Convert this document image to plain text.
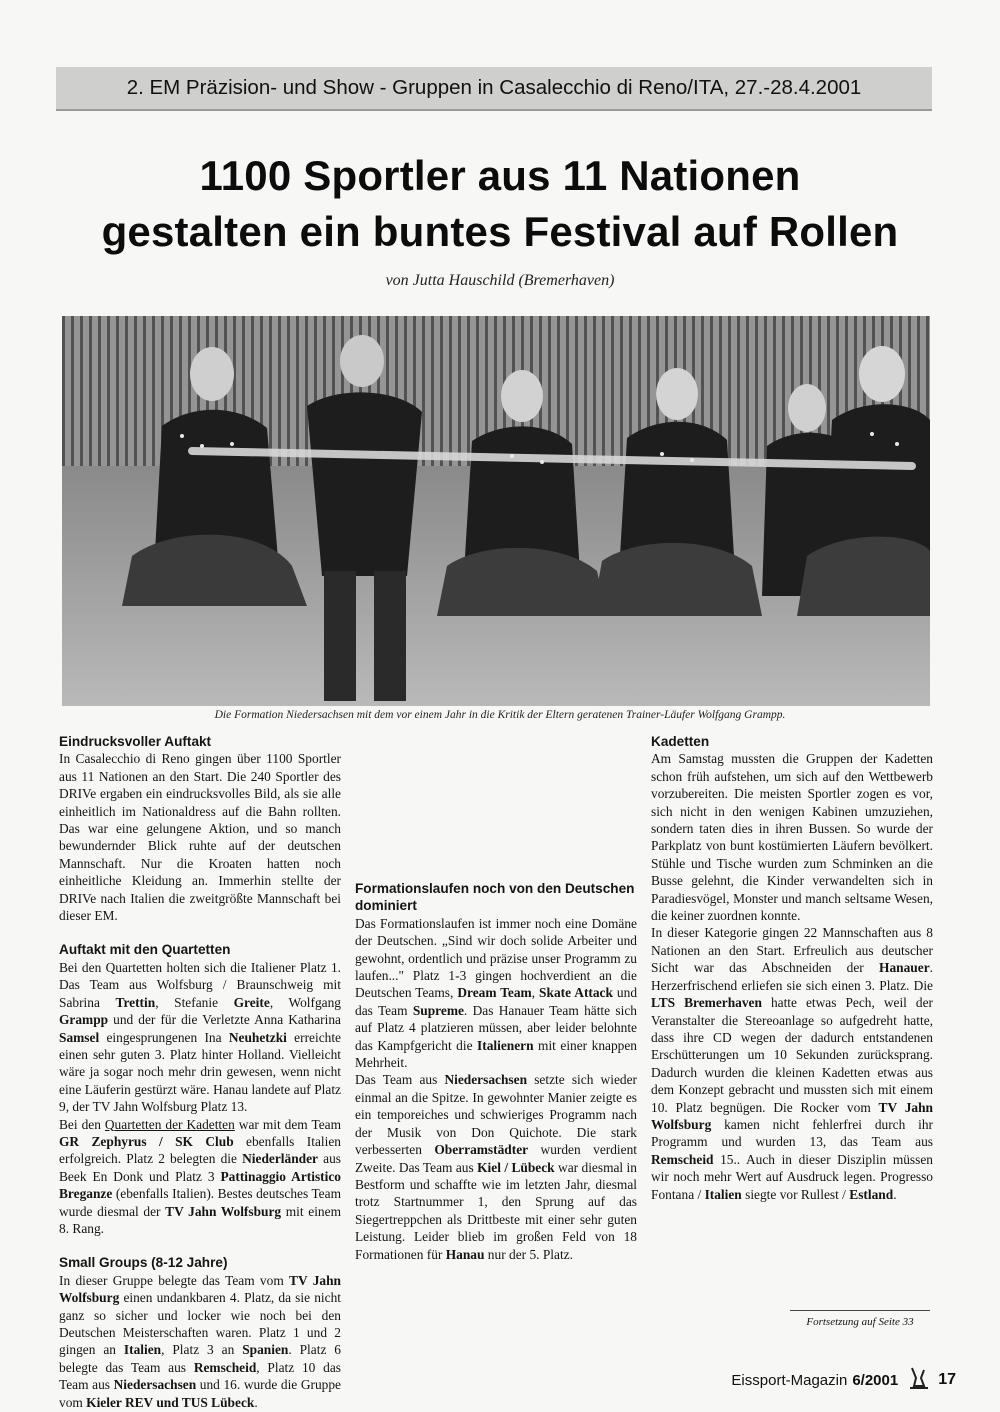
2. EM Präzision- und Show - Gruppen in Casalecchio di Reno/ITA, 27.-28.4.2001
1100 Sportler aus 11 Nationen
gestalten ein buntes Festival auf Rollen
von Jutta Hauschild (Bremerhaven)
Die Formation Niedersachsen mit dem vor einem Jahr in die Kritik der Eltern geratenen Trainer-Läufer Wolfgang Grampp.
Eindrucksvoller Auftakt

In Casalecchio di Reno gingen über 1100 Sportler aus 11 Nationen an den Start. Die 240 Sportler des DRIVe ergaben ein eindrucksvolles Bild, als sie alle einheitlich im Nationaldress auf die Bahn rollten. Das war eine gelungene Aktion, und so manch bewundernder Blick ruhte auf der deutschen Mannschaft. Nur die Kroaten hatten noch einheitliche Kleidung an. Immerhin stellte der DRIVe nach Italien die zweitgrößte Mannschaft bei dieser EM.

Auftakt mit den Quartetten

Bei den Quartetten holten sich die Italiener Platz 1. Das Team aus Wolfsburg / Braunschweig mit Sabrina Trettin, Stefanie Greite, Wolfgang Grampp und der für die Verletzte Anna Katharina Samsel eingesprungenen Ina Neuhetzki erreichte einen sehr guten 3. Platz hinter Holland. Vielleicht wäre ja sogar noch mehr drin gewesen, wenn nicht eine Läuferin gestürzt wäre. Hanau landete auf Platz 9, der TV Jahn Wolfsburg Platz 13.

Bei den Quartetten der Kadetten war mit dem Team GR Zephyrus / SK Club ebenfalls Italien erfolgreich. Platz 2 belegten die Niederländer aus Beek En Donk und Platz 3 Pattinaggio Artistico Breganze (ebenfalls Italien). Bestes deutsches Team wurde diesmal der TV Jahn Wolfsburg mit einem 8. Rang.

Small Groups (8-12 Jahre)

In dieser Gruppe belegte das Team vom TV Jahn Wolfsburg einen undankbaren 4. Platz, da sie nicht ganz so sicher und locker wie noch bei den Deutschen Meisterschaften waren. Platz 1 und 2 gingen an Italien, Platz 3 an Spanien. Platz 6 belegte das Team aus Remscheid, Platz 10 das Team aus Niedersachsen und 16. wurde die Gruppe vom Kieler REV und TUS Lübeck.

Formationslaufen noch von den Deutschen dominiert

Das Formationslaufen ist immer noch eine Domäne der Deutschen. „Sind wir doch solide Arbeiter und gewohnt, ordentlich und präzise unser Programm zu laufen..." Platz 1-3 gingen hochverdient an die Deutschen Teams, Dream Team, Skate Attack und das Team Supreme. Das Hanauer Team hätte sich auf Platz 4 platzieren müssen, aber leider belohnte das Kampfgericht die Italienern mit einer knappen Mehrheit.

Das Team aus Niedersachsen setzte sich wieder einmal an die Spitze. In gewohnter Manier zeigte es ein temporeiches und schwieriges Programm nach der Musik von Don Quichote. Die stark verbesserten Oberramstädter wurden verdient Zweite. Das Team aus Kiel / Lübeck war diesmal in Bestform und schaffte wie im letzten Jahr, diesmal trotz Startnummer 1, den Sprung auf das Siegertreppchen als Drittbeste mit einer sehr guten Leistung. Leider blieb im großen Feld von 18 Formationen für Hanau nur der 5. Platz.

Kadetten

Am Samstag mussten die Gruppen der Kadetten schon früh aufstehen, um sich auf den Wettbewerb vorzubereiten. Die meisten Sportler zogen es vor, sich nicht in den wenigen Kabinen umzuziehen, sondern taten dies in ihren Bussen. So wurde der Parkplatz von bunt kostümierten Läufern bevölkert. Stühle und Tische wurden zum Schminken an die Busse gelehnt, die Kinder verwandelten sich in Paradiesvögel, Monster und manch seltsame Wesen, die keiner zuordnen konnte.

In dieser Kategorie gingen 22 Mannschaften aus 8 Nationen an den Start. Erfreulich aus deutscher Sicht war das Abschneiden der Hanauer. Herzerfrischend erliefen sie sich einen 3. Platz. Die LTS Bremerhaven hatte etwas Pech, weil der Veranstalter die Stereoanlage so aufgedreht hatte, dass ihre CD wegen der dadurch entstandenen Erschütterungen um 10 Sekunden zurücksprang. Dadurch wurden die kleinen Kadetten etwas aus dem Konzept gebracht und mussten sich mit einem 10. Platz begnügen. Die Rocker vom TV Jahn Wolfsburg kamen nicht fehlerfrei durch ihr Programm und wurden 13, das Team aus Remscheid 15.. Auch in dieser Disziplin müssen wir noch mehr Wert auf Ausdruck legen. Progresso Fontana / Italien siegte vor Rullest / Estland.

Fortsetzung auf Seite 33
Eissport-Magazin 6/2001	17
